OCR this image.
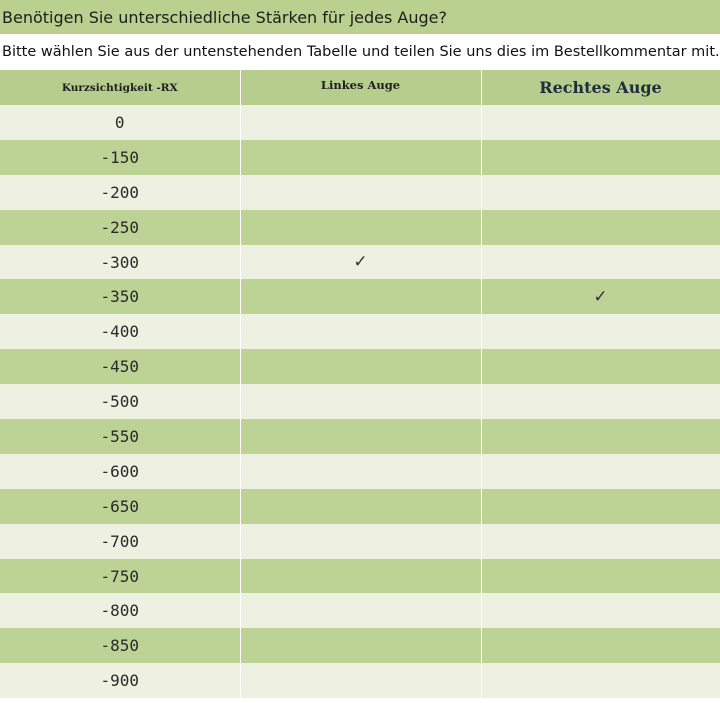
Benötigen Sie unterschiedliche Stärken für jedes Auge?
Bitte wählen Sie aus der untenstehenden Tabelle und teilen Sie uns dies im Bestellkommentar mit.
Kurzsichtigkeit -RX	Linkes Auge	Rechtes Auge
0		
-150		
-200		
-250		
-300	✓	
-350		✓
-400		
-450		
-500		
-550		
-600		
-650		
-700		
-750		
-800		
-850		
-900		
